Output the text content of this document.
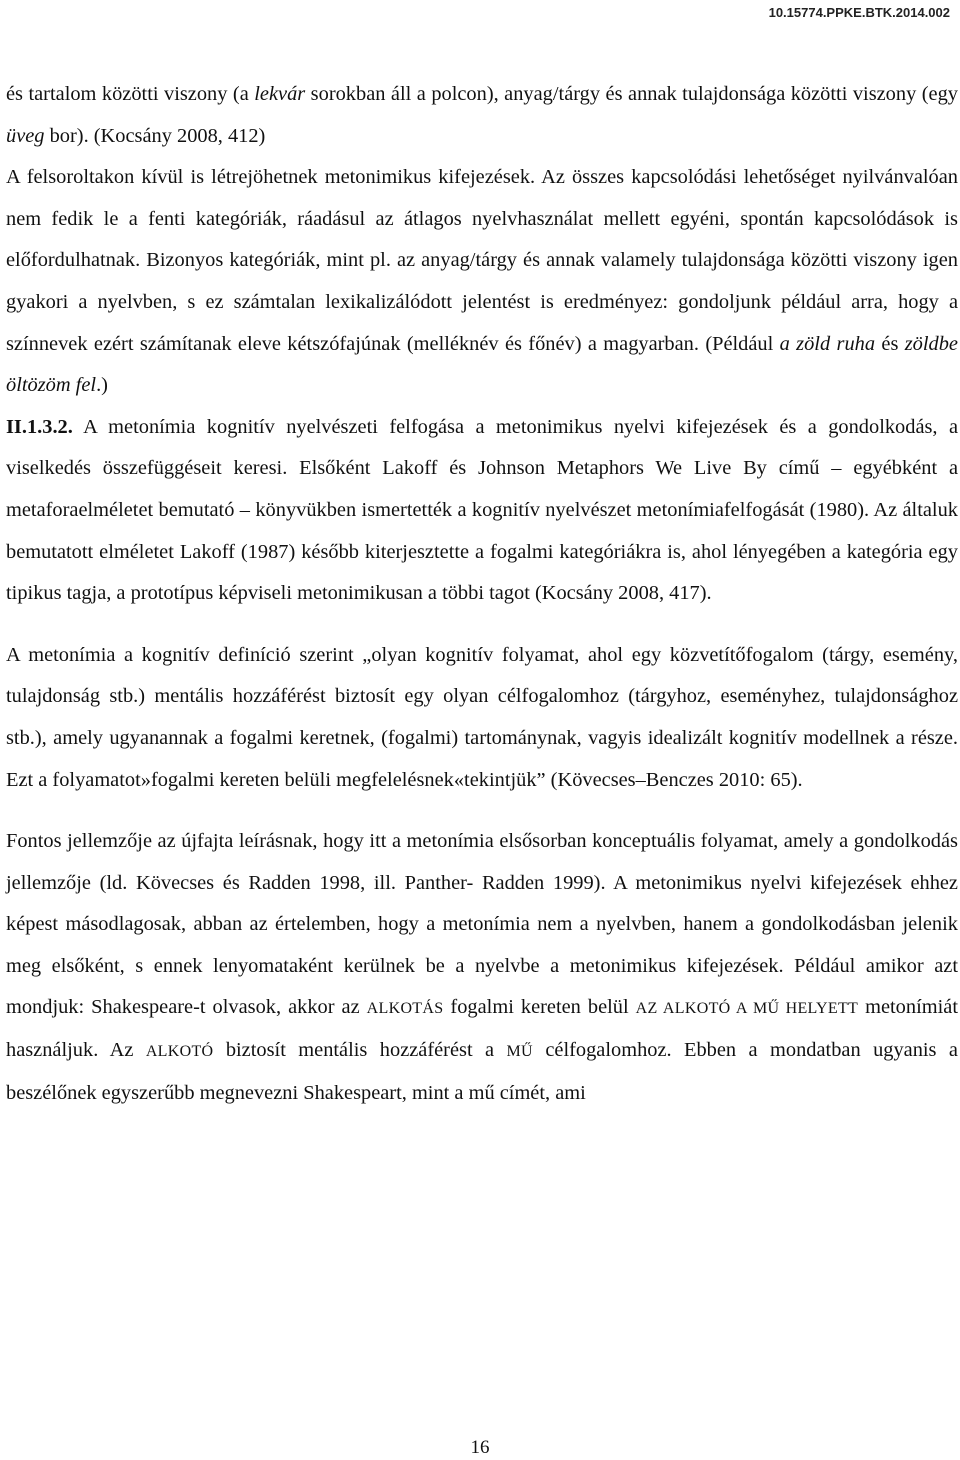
10.15774.PPKE.BTK.2014.002

és tartalom közötti viszony (a lekvár sorokban áll a polcon), anyag/tárgy és annak tulajdonsága közötti viszony (egy üveg bor). (Kocsány 2008, 412)

A felsoroltakon kívül is létrejöhetnek metonimikus kifejezések. Az összes kapcsolódási lehetőséget nyilvánvalóan nem fedik le a fenti kategóriák, ráadásul az átlagos nyelvhasználat mellett egyéni, spontán kapcsolódások is előfordulhatnak. Bizonyos kategóriák, mint pl. az anyag/tárgy és annak valamely tulajdonsága közötti viszony igen gyakori a nyelvben, s ez számtalan lexikalizálódott jelentést is eredményez: gondoljunk például arra, hogy a színnevek ezért számítanak eleve kétszófajúnak (melléknév és főnév) a magyarban. (Például a zöld ruha és zöldbe öltözöm fel.)

II.1.3.2. A metonímia kognitív nyelvészeti felfogása a metonimikus nyelvi kifejezések és a gondolkodás, a viselkedés összefüggéseit keresi. Elsőként Lakoff és Johnson Metaphors We Live By című – egyébként a metaforaelméletet bemutató – könyvükben ismertették a kognitív nyelvészet metonímiafelfogását (1980). Az általuk bemutatott elméletet Lakoff (1987) később kiterjesztette a fogalmi kategóriákra is, ahol lényegében a kategória egy tipikus tagja, a prototípus képviseli metonimikusan a többi tagot (Kocsány 2008, 417).

A metonímia a kognitív definíció szerint „olyan kognitív folyamat, ahol egy közvetítőfogalom (tárgy, esemény, tulajdonság stb.) mentális hozzáférést biztosít egy olyan célfogalomhoz (tárgyhoz, eseményhez, tulajdonsághoz stb.), amely ugyanannak a fogalmi keretnek, (fogalmi) tartománynak, vagyis idealizált kognitív modellnek a része. Ezt a folyamatot»fogalmi kereten belüli megfelelésnek«tekintjük” (Kövecses–Benczes 2010: 65).

Fontos jellemzője az újfajta leírásnak, hogy itt a metonímia elsősorban konceptuális folyamat, amely a gondolkodás jellemzője (ld. Kövecses és Radden 1998, ill. Panther- Radden 1999). A metonimikus nyelvi kifejezések ehhez képest másodlagosak, abban az értelemben, hogy a metonímia nem a nyelvben, hanem a gondolkodásban jelenik meg elsőként, s ennek lenyomataként kerülnek be a nyelvbe a metonimikus kifejezések. Például amikor azt mondjuk: Shakespeare-t olvasok, akkor az ALKOTÁS fogalmi kereten belül AZ ALKOTÓ A MŰ HELYETT metonímiát használjuk. Az ALKOTÓ biztosít mentális hozzáférést a MŰ célfogalomhoz. Ebben a mondatban ugyanis a beszélőnek egyszerűbb megnevezni Shakespeart, mint a mű címét, ami

16
